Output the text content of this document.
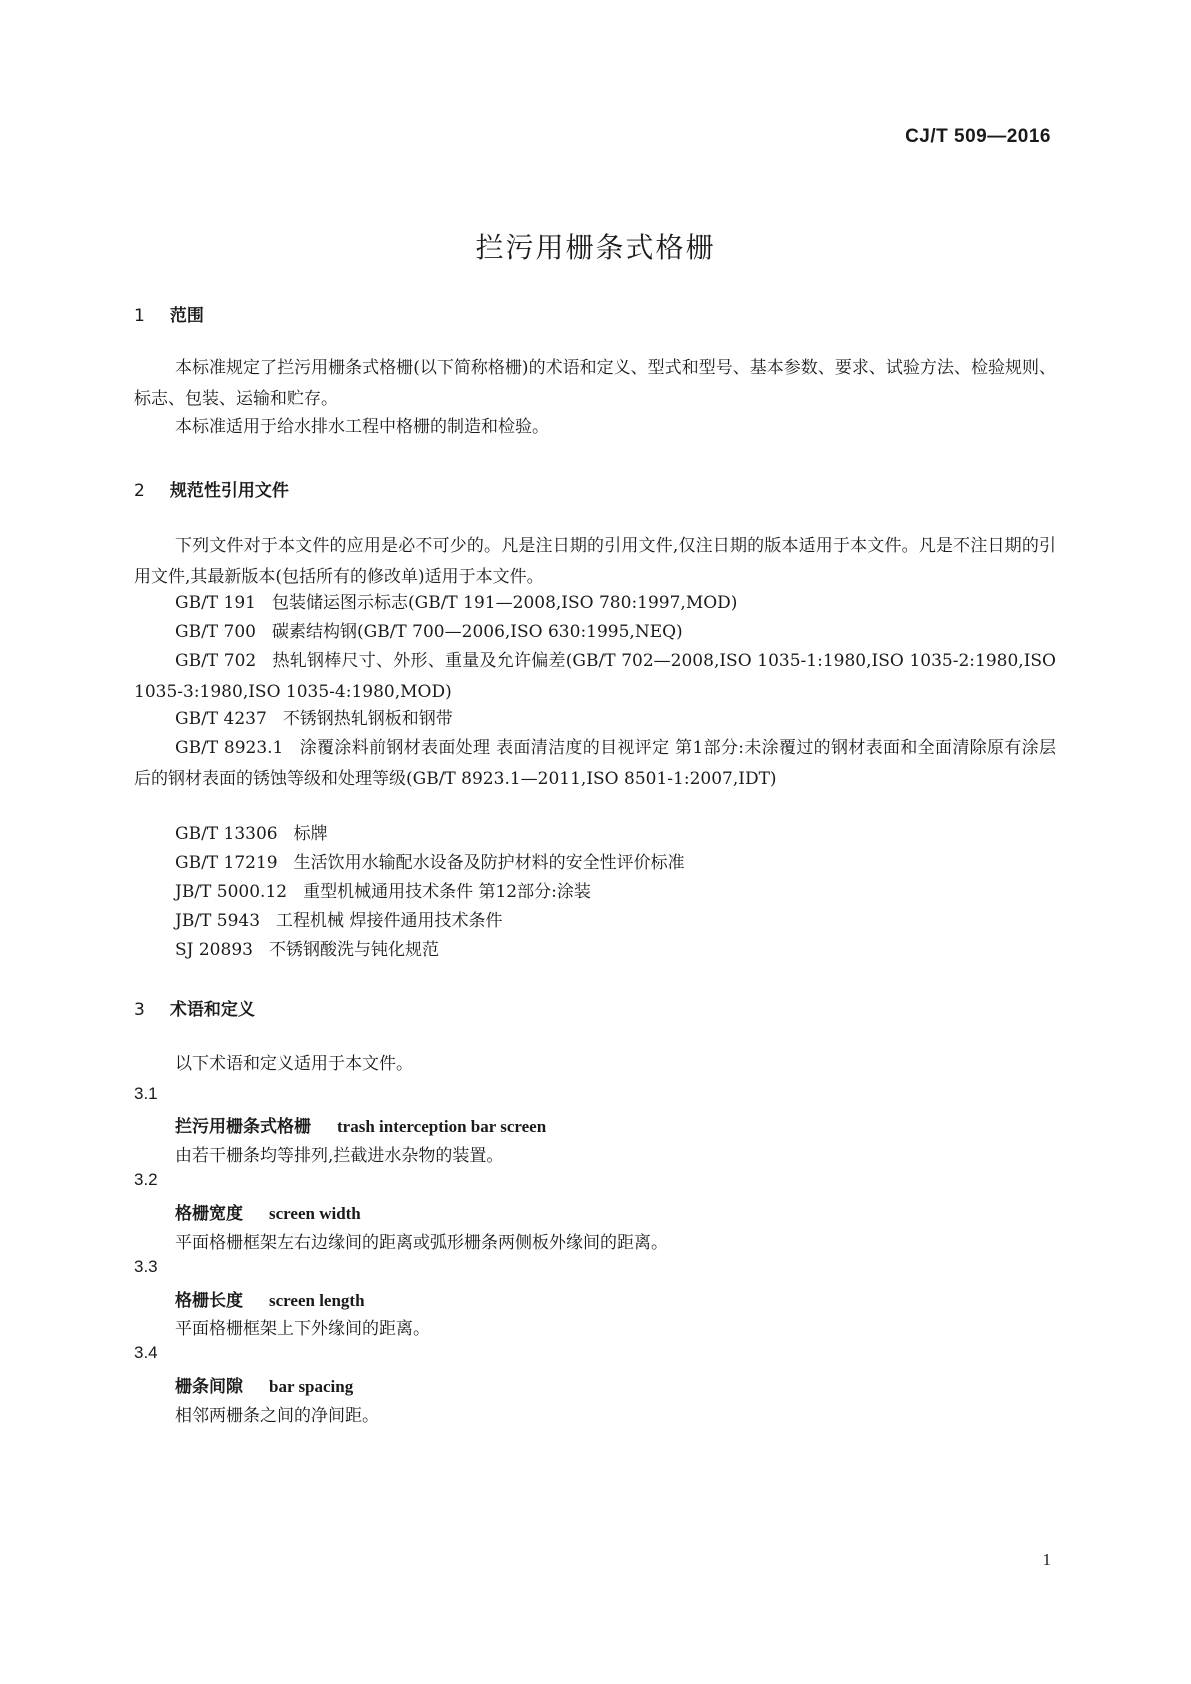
CJ/T 509—2016
拦污用栅条式格栅
1 范围

本标准规定了拦污用栅条式格栅(以下简称格栅)的术语和定义、型式和型号、基本参数、要求、试验方法、检验规则、标志、包装、运输和贮存。

本标准适用于给水排水工程中格栅的制造和检验。

2 规范性引用文件

下列文件对于本文件的应用是必不可少的。凡是注日期的引用文件,仅注日期的版本适用于本文件。凡是不注日期的引用文件,其最新版本(包括所有的修改单)适用于本文件。

GB/T 191 包装储运图示标志(GB/T 191—2008,ISO 780:1997,MOD)
GB/T 700 碳素结构钢(GB/T 700—2006,ISO 630:1995,NEQ)

GB/T 702 热轧钢棒尺寸、外形、重量及允许偏差(GB/T 702—2008,ISO 1035-1:1980,ISO 1035-2:1980,ISO 1035-3:1980,ISO 1035-4:1980,MOD)

GB/T 4237 不锈钢热轧钢板和钢带

GB/T 8923.1 涂覆涂料前钢材表面处理 表面清洁度的目视评定 第1部分:未涂覆过的钢材表面和全面清除原有涂层后的钢材表面的锈蚀等级和处理等级(GB/T 8923.1—2011,ISO 8501-1:2007,IDT)

GB/T 13306 标牌
GB/T 17219 生活饮用水输配水设备及防护材料的安全性评价标准
JB/T 5000.12 重型机械通用技术条件 第12部分:涂装
JB/T 5943 工程机械 焊接件通用技术条件
SJ 20893 不锈钢酸洗与钝化规范
3 术语和定义

以下术语和定义适用于本文件。

3.1
拦污用栅条式格栅 trash interception bar screen
由若干栅条均等排列,拦截进水杂物的装置。
3.2
格栅宽度 screen width
平面格栅框架左右边缘间的距离或弧形栅条两侧板外缘间的距离。
3.3
格栅长度 screen length
平面格栅框架上下外缘间的距离。
3.4
栅条间隙 bar spacing
相邻两栅条之间的净间距。
1
